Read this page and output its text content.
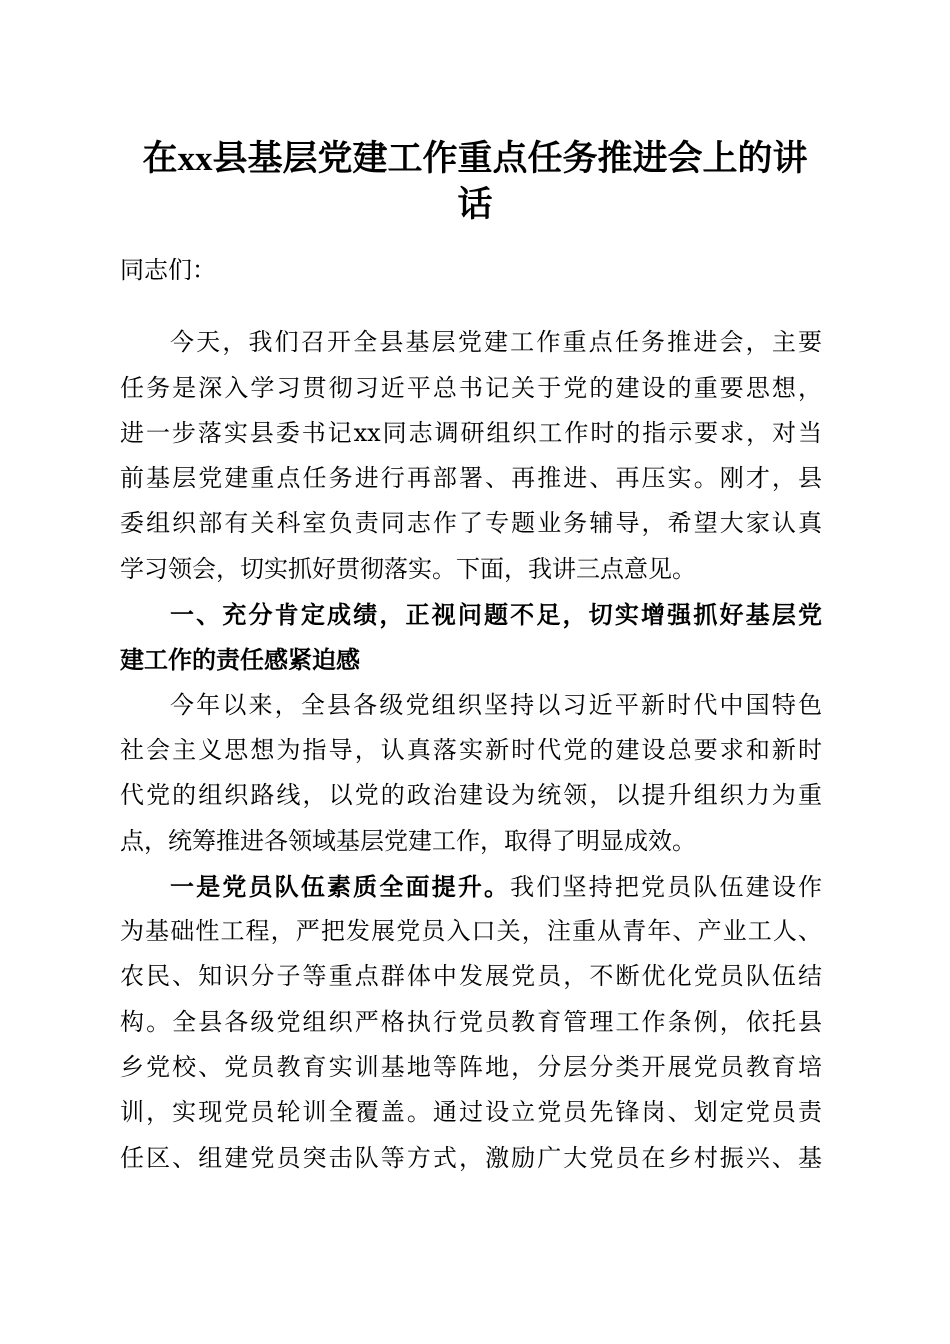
在xx县基层党建工作重点任务推进会上的讲
话
同志们：
今天，我们召开全县基层党建工作重点任务推进会，主要
任务是深入学习贯彻习近平总书记关于党的建设的重要思想，
进一步落实县委书记xx同志调研组织工作时的指示要求，对当
前基层党建重点任务进行再部署、再推进、再压实。刚才，县
委组织部有关科室负责同志作了专题业务辅导，希望大家认真
学习领会，切实抓好贯彻落实。下面，我讲三点意见。
一、充分肯定成绩，正视问题不足，切实增强抓好基层党
建工作的责任感紧迫感
今年以来，全县各级党组织坚持以习近平新时代中国特色
社会主义思想为指导，认真落实新时代党的建设总要求和新时
代党的组织路线，以党的政治建设为统领，以提升组织力为重
点，统筹推进各领域基层党建工作，取得了明显成效。
一是党员队伍素质全面提升。我们坚持把党员队伍建设作
为基础性工程，严把发展党员入口关，注重从青年、产业工人、
农民、知识分子等重点群体中发展党员，不断优化党员队伍结
构。全县各级党组织严格执行党员教育管理工作条例，依托县
乡党校、党员教育实训基地等阵地，分层分类开展党员教育培
训，实现党员轮训全覆盖。通过设立党员先锋岗、划定党员责
任区、组建党员突击队等方式，激励广大党员在乡村振兴、基
